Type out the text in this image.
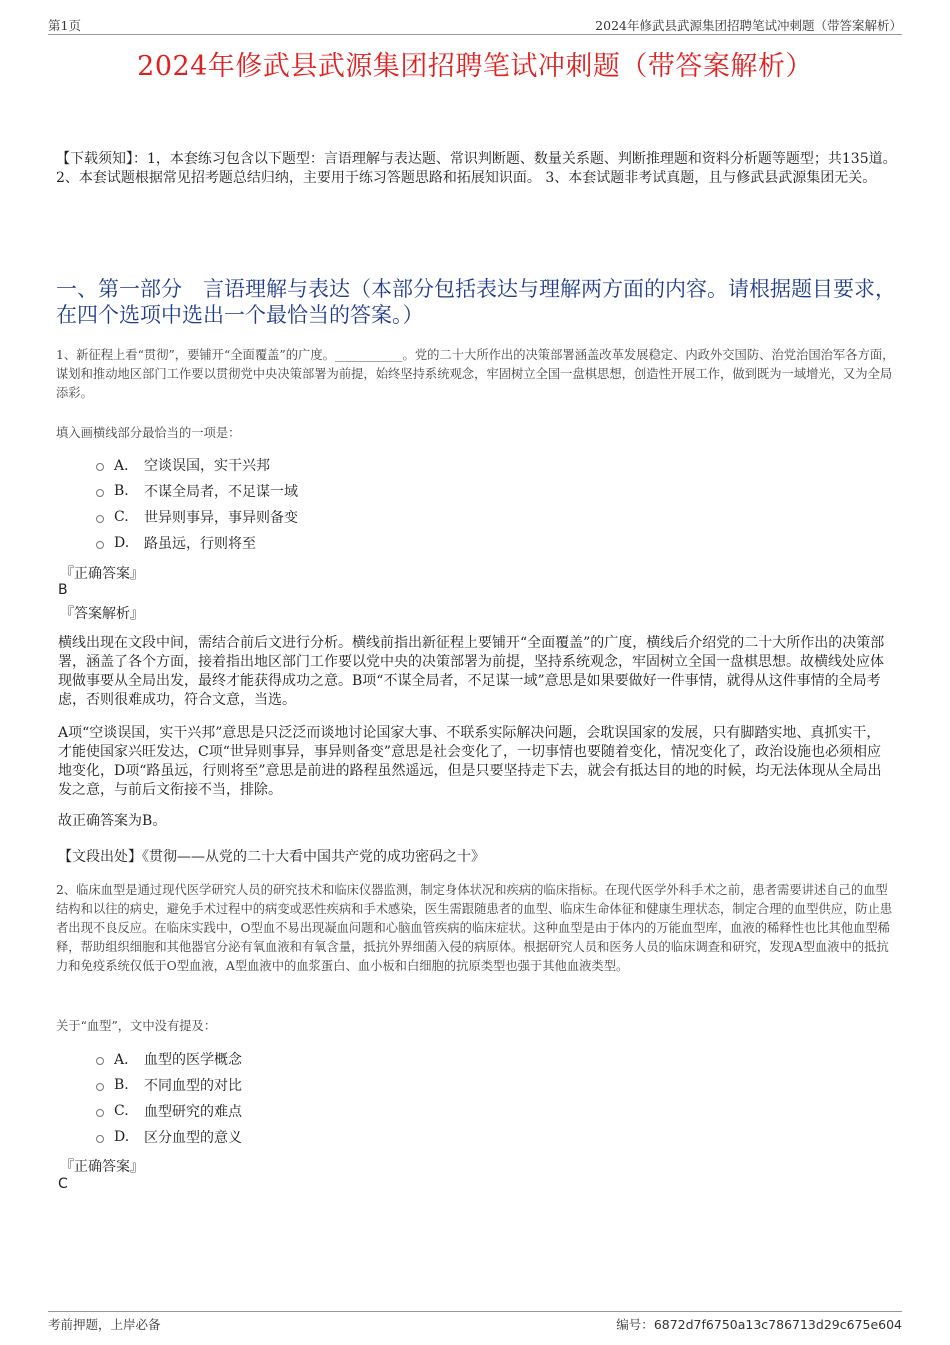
第1页	2024年修武县武源集团招聘笔试冲刺题（带答案解析）
2024年修武县武源集团招聘笔试冲刺题（带答案解析）
【下载须知】：1，本套练习包含以下题型：言语理解与表达题、常识判断题、数量关系题、判断推理题和资料分析题等题型；共135道。 2、本套试题根据常见招考题总结归纳，主要用于练习答题思路和拓展知识面。 3、本套试题非考试真题，且与修武县武源集团无关。
一、第一部分　言语理解与表达（本部分包括表达与理解两方面的内容。请根据题目要求，在四个选项中选出一个最恰当的答案。）
1、新征程上看“贯彻”，要铺开“全面覆盖”的广度。___________。党的二十大所作出的决策部署涵盖改革发展稳定、内政外交国防、治党治国治军各方面，谋划和推动地区部门工作要以贯彻党中央决策部署为前提，始终坚持系统观念，牢固树立全国一盘棋思想，创造性开展工作，做到既为一域增光，又为全局添彩。
填入画横线部分最恰当的一项是：
A． 空谈误国，实干兴邦
B.	不谋全局者，不足谋一域
C.	世异则事异，事异则备变
D.	路虽远，行则将至
『正确答案』
B
『答案解析』
横线出现在文段中间，需结合前后文进行分析。横线前指出新征程上要铺开“全面覆盖”的广度，横线后介绍党的二十大所作出的决策部署，涵盖了各个方面，接着指出地区部门工作要以党中央的决策部署为前提，坚持系统观念，牢固树立全国一盘棋思想。故横线处应体现做事要从全局出发，最终才能获得成功之意。B项“不谋全局者，不足谋一域”意思是如果要做好一件事情，就得从这件事情的全局考虑，否则很难成功，符合文意，当选。
A项“空谈误国，实干兴邦”意思是只泛泛而谈地讨论国家大事、不联系实际解决问题，会耽误国家的发展，只有脚踏实地、真抓实干，才能使国家兴旺发达，C项“世异则事异，事异则备变”意思是社会变化了，一切事情也要随着变化，情况变化了，政治设施也必须相应地变化，D项“路虽远，行则将至”意思是前进的路程虽然遥远，但是只要坚持走下去，就会有抵达目的地的时候，均无法体现从全局出发之意，与前后文衔接不当，排除。
故正确答案为B。
【文段出处】《贯彻——从党的二十大看中国共产党的成功密码之十》
2、临床血型是通过现代医学研究人员的研究技术和临床仪器监测，制定身体状况和疾病的临床指标。在现代医学外科手术之前，患者需要讲述自己的血型结构和以往的病史，避免手术过程中的病变或恶性疾病和手术感染，医生需跟随患者的血型、临床生命体征和健康生理状态，制定合理的血型供应，防止患者出现不良反应。在临床实践中，O型血不易出现凝血问题和心脑血管疾病的临床症状。这种血型是由于体内的万能血型库，血液的稀释性也比其他血型稀释，帮助组织细胞和其他器官分泌有氧血液和有氧含量，抵抗外界细菌入侵的病原体。根据研究人员和医务人员的临床调查和研究，发现A型血液中的抵抗力和免疫系统仅低于O型血液，A型血液中的血浆蛋白、血小板和白细胞的抗原类型也强于其他血液类型。
关于“血型”，文中没有提及：
A． 血型的医学概念
B.	不同血型的对比
C.	血型研究的难点
D.	区分血型的意义
『正确答案』
C
考前押题，上岸必备	编号：6872d7f6750a13c786713d29c675e604
